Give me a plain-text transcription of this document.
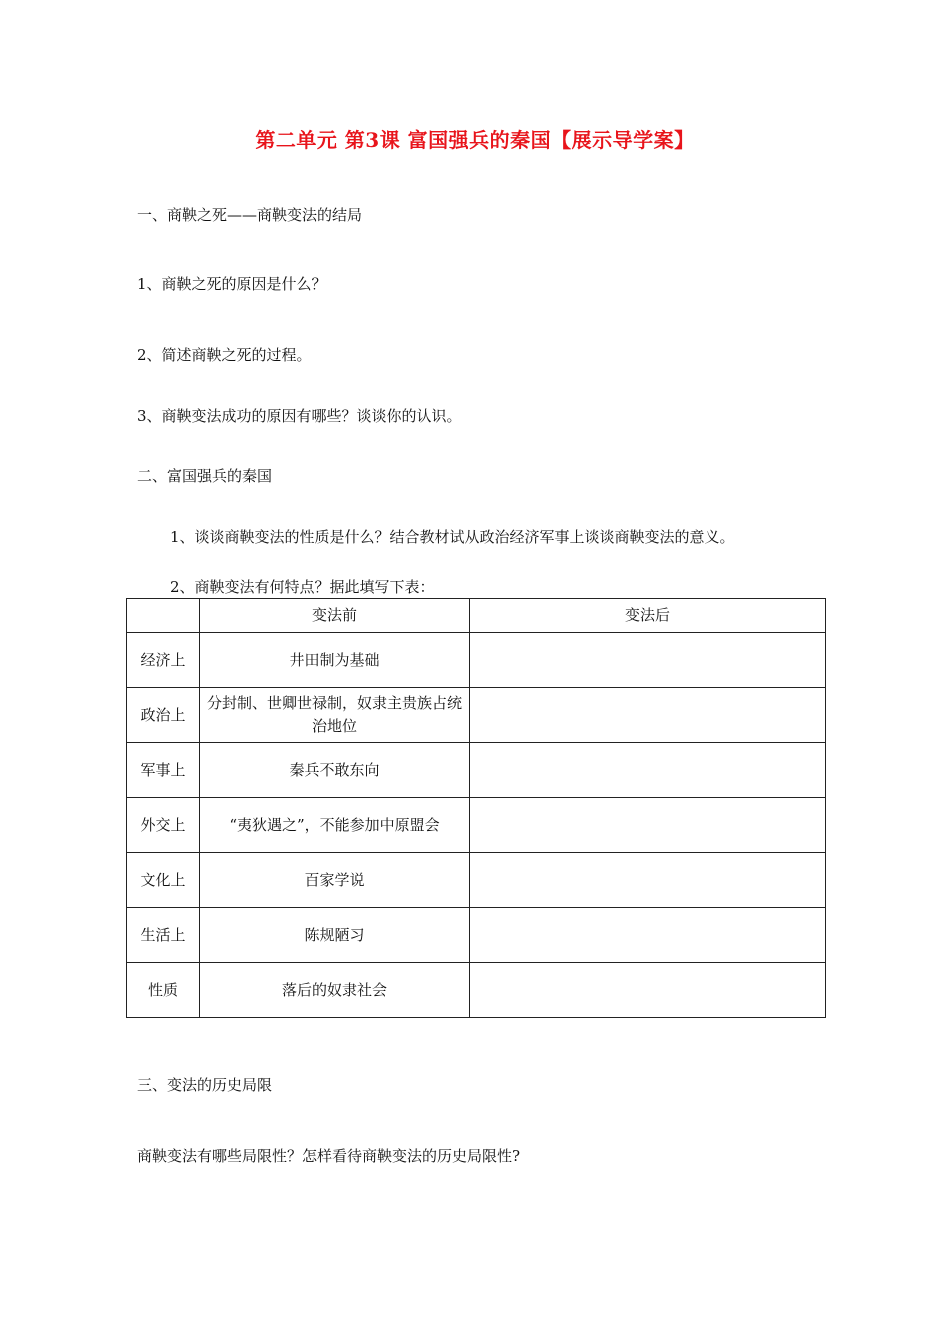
第二单元 第3课 富国强兵的秦国【展示导学案】
一、商鞅之死——商鞅变法的结局
1、商鞅之死的原因是什么？
2、简述商鞅之死的过程。
3、商鞅变法成功的原因有哪些？谈谈你的认识。
二、富国强兵的秦国
1、谈谈商鞅变法的性质是什么？结合教材试从政治经济军事上谈谈商鞅变法的意义。
2、商鞅变法有何特点？据此填写下表：
	变法前	变法后
经济上	井田制为基础	
政治上	分封制、世卿世禄制，奴隶主贵族占统治地位	
军事上	秦兵不敢东向	
外交上	“夷狄遇之”，不能参加中原盟会	
文化上	百家学说	
生活上	陈规陋习	
性质	落后的奴隶社会	
三、变法的历史局限
商鞅变法有哪些局限性？怎样看待商鞅变法的历史局限性?
